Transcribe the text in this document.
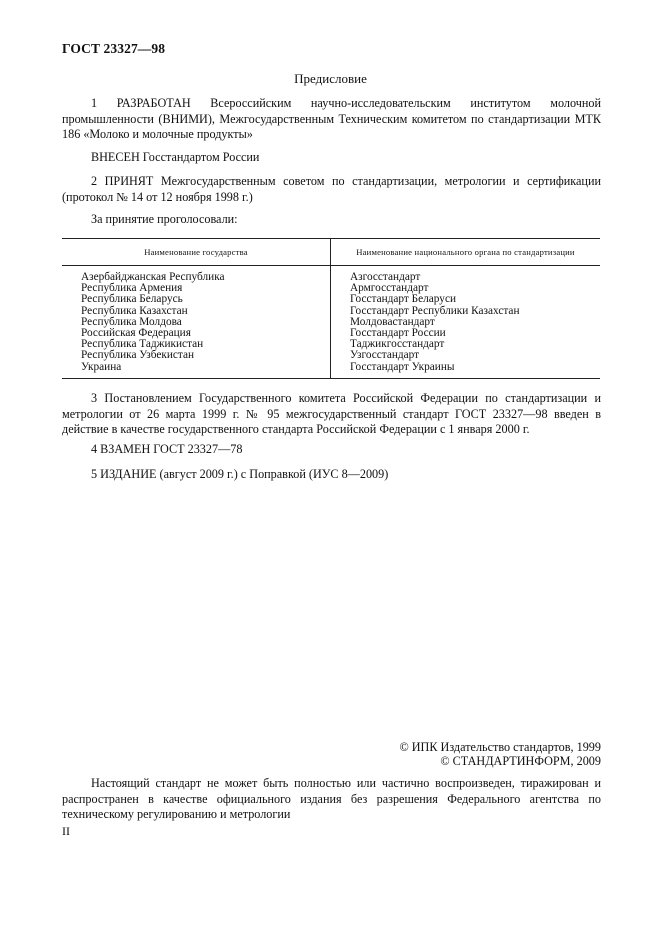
ГОСТ 23327—98
Предисловие
1 РАЗРАБОТАН Всероссийским научно-исследовательским институтом молочной промышленности (ВНИМИ), Межгосударственным Техническим комитетом по стандартизации МТК 186 «Молоко и молочные продукты»
ВНЕСЕН Госстандартом России
2 ПРИНЯТ Межгосударственным советом по стандартизации, метрологии и сертификации (протокол № 14 от 12 ноября 1998 г.)
За принятие проголосовали:
Наименование государства	Наименование национального органа по стандартизации
Азербайджанская Республика
Республика Армения
Республика Беларусь
Республика Казахстан
Республика Молдова
Российская Федерация
Республика Таджикистан
Республика Узбекистан
Украина
Азгосстандарт
Армгосстандарт
Госстандарт Беларуси
Госстандарт Республики Казахстан
Молдовастандарт
Госстандарт России
Таджикгосстандарт
Узгосстандарт
Госстандарт Украины
3 Постановлением Государственного комитета Российской Федерации по стандартизации и метрологии от 26 марта 1999 г. № 95 межгосударственный стандарт ГОСТ 23327—98 введен в действие в качестве государственного стандарта Российской Федерации с 1 января 2000 г.
4 ВЗАМЕН ГОСТ 23327—78
5 ИЗДАНИЕ (август 2009 г.) с Поправкой (ИУС 8—2009)
© ИПК Издательство стандартов, 1999
© СТАНДАРТИНФОРМ, 2009
Настоящий стандарт не может быть полностью или частично воспроизведен, тиражирован и распространен в качестве официального издания без разрешения Федерального агентства по техническому регулированию и метрологии
II
